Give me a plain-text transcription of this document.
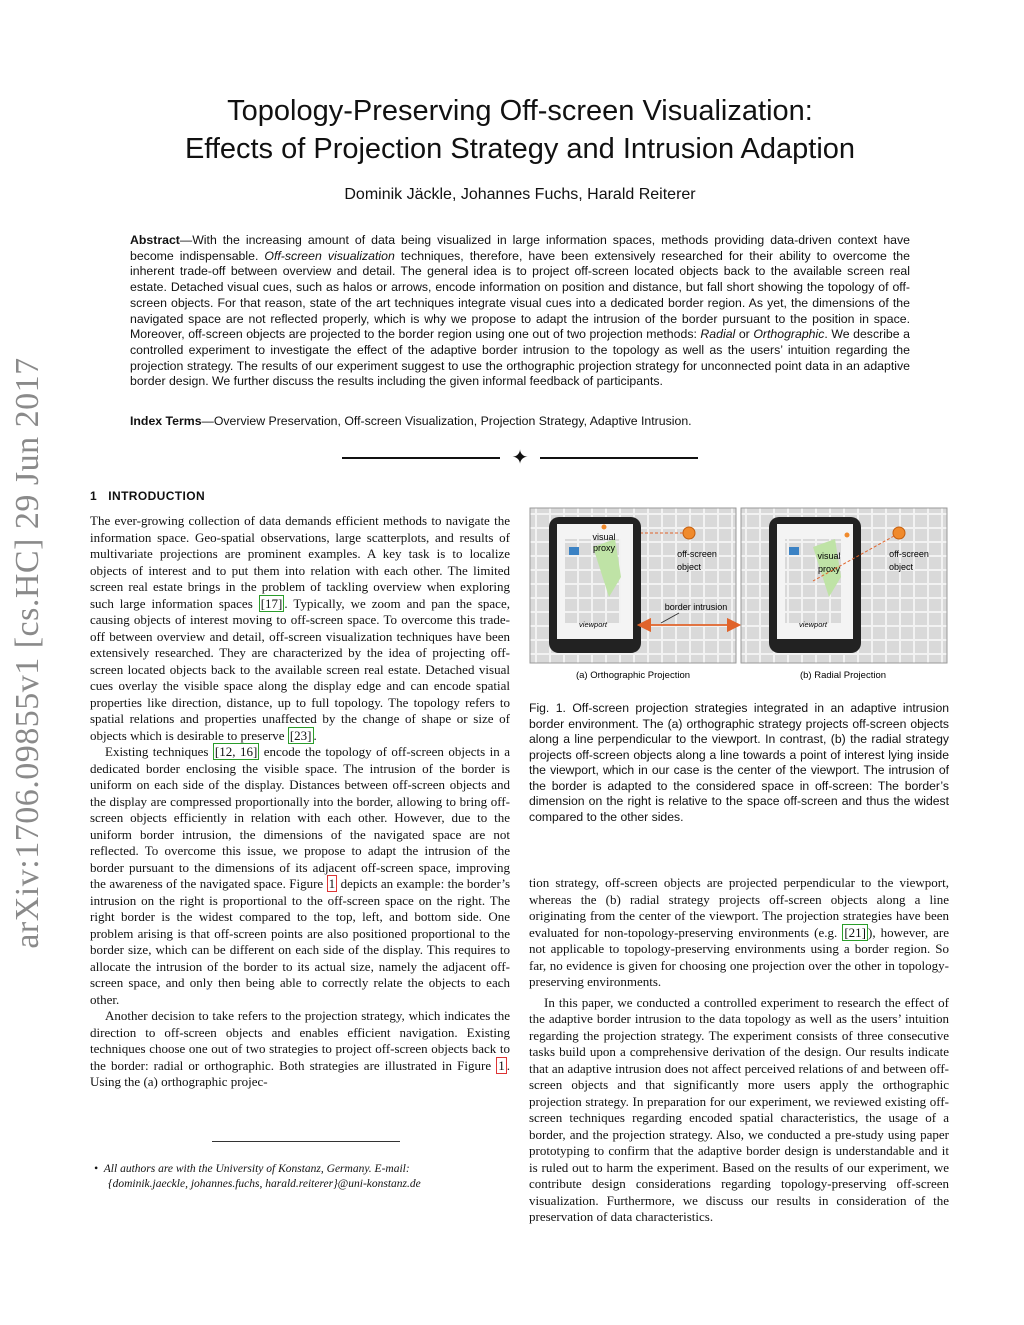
arXiv:1706.09855v1 [cs.HC] 29 Jun 2017
Topology-Preserving Off-screen Visualization:
Effects of Projection Strategy and Intrusion Adaption
Dominik Jäckle, Johannes Fuchs, Harald Reiterer
Abstract—With the increasing amount of data being visualized in large information spaces, methods providing data-driven context have become indispensable. Off-screen visualization techniques, therefore, have been extensively researched for their ability to overcome the inherent trade-off between overview and detail. The general idea is to project off-screen located objects back to the available screen real estate. Detached visual cues, such as halos or arrows, encode information on position and distance, but fall short showing the topology of off-screen objects. For that reason, state of the art techniques integrate visual cues into a dedicated border region. As yet, the dimensions of the navigated space are not reflected properly, which is why we propose to adapt the intrusion of the border pursuant to the position in space. Moreover, off-screen objects are projected to the border region using one out of two projection methods: Radial or Orthographic. We describe a controlled experiment to investigate the effect of the adaptive border intrusion to the topology as well as the users’ intuition regarding the projection strategy. The results of our experiment suggest to use the orthographic projection strategy for unconnected point data in an adaptive border design. We further discuss the results including the given informal feedback of participants.
Index Terms—Overview Preservation, Off-screen Visualization, Projection Strategy, Adaptive Intrusion.
✦
1 INTRODUCTION

The ever-growing collection of data demands efficient methods to navigate the information space. Geo-spatial observations, large scatterplots, and results of multivariate projections are prominent examples. A key task is to localize objects of interest and to put them into relation with each other. The limited screen real estate brings in the problem of tackling overview when exploring such large information spaces [17] . Typically, we zoom and pan the space, causing objects of interest moving to off-screen space. To overcome this trade-off between overview and detail, off-screen visualization techniques have been extensively researched. They are characterized by the idea of projecting off-screen located objects back to the available screen real estate. Detached visual cues overlay the visible space along the display edge and can encode spatial properties like direction, distance, up to full topology. The topology refers to spatial relations and properties unaffected by the change of shape or size of objects which is desirable to preserve [23] .

Existing techniques [12, 16] encode the topology of off-screen objects in a dedicated border enclosing the visible space. The intrusion of the border is uniform on each side of the display. Distances between off-screen objects and the display are compressed proportionally into the border, allowing to bring off-screen objects efficiently in relation with each other. However, due to the uniform border intrusion, the dimensions of the navigated space are not reflected. To overcome this issue, we propose to adapt the intrusion of the border pursuant to the dimensions of its adjacent off-screen space, improving the awareness of the navigated space. Figure 1 depicts an example: the border’s intrusion on the right is proportional to the off-screen space on the right. The right border is the widest compared to the top, left, and bottom side. One problem arising is that off-screen points are also positioned proportional to the border size, which can be different on each side of the display. This requires to allocate the intrusion of the border to its actual size, namely the adjacent off-screen space, and only then being able to correctly relate the objects to each other.

Another decision to take refers to the projection strategy, which indicates the direction to off-screen objects and enables efficient navigation. Existing techniques choose one out of two strategies to project off-screen objects back to the border: radial or orthographic. Both strategies are illustrated in Figure 1 . Using the (a) orthographic projec-

•  All authors are with the University of Konstanz, Germany. E-mail:
{dominik.jaeckle, johannes.fuchs, harald.reiterer}@uni-konstanz.de
visual
proxy
viewport
off-screen
object
border intrusion
(a) Orthographic Projection
visual
proxy
viewport
off-screen
object
(b) Radial Projection
Fig. 1. Off-screen projection strategies integrated in an adaptive intrusion border environment. The (a) orthographic strategy projects off-screen objects along a line perpendicular to the viewport. In contrast, (b) the radial strategy projects off-screen objects along a line towards a point of interest lying inside the viewport, which in our case is the center of the viewport. The intrusion of the border is adapted to the considered space in off-screen: The border’s dimension on the right is relative to the space off-screen and thus the widest compared to the other sides.

tion strategy, off-screen objects are projected perpendicular to the viewport, whereas the (b) radial strategy projects off-screen objects along a line originating from the center of the viewport. The projection strategies have been evaluated for non-topology-preserving environments (e.g. [21] ), however, are not applicable to topology-preserving environments using a border region. So far, no evidence is given for choosing one projection over the other in topology-preserving environments.

In this paper, we conducted a controlled experiment to research the effect of the adaptive border intrusion to the data topology as well as the users’ intuition regarding the projection strategy. The experiment consists of three consecutive tasks build upon a comprehensive derivation of the design. Our results indicate that an adaptive intrusion does not affect perceived relations of and between off-screen objects and that significantly more users apply the orthographic projection strategy. In preparation for our experiment, we reviewed existing off-screen techniques regarding encoded spatial characteristics, the usage of a border, and the projection strategy. Also, we conducted a pre-study using paper prototyping to confirm that the adaptive border design is understandable and it is ruled out to harm the experiment. Based on the results of our experiment, we contribute design considerations regarding topology-preserving off-screen visualization. Furthermore, we discuss our results in consideration of the preservation of data characteristics.
